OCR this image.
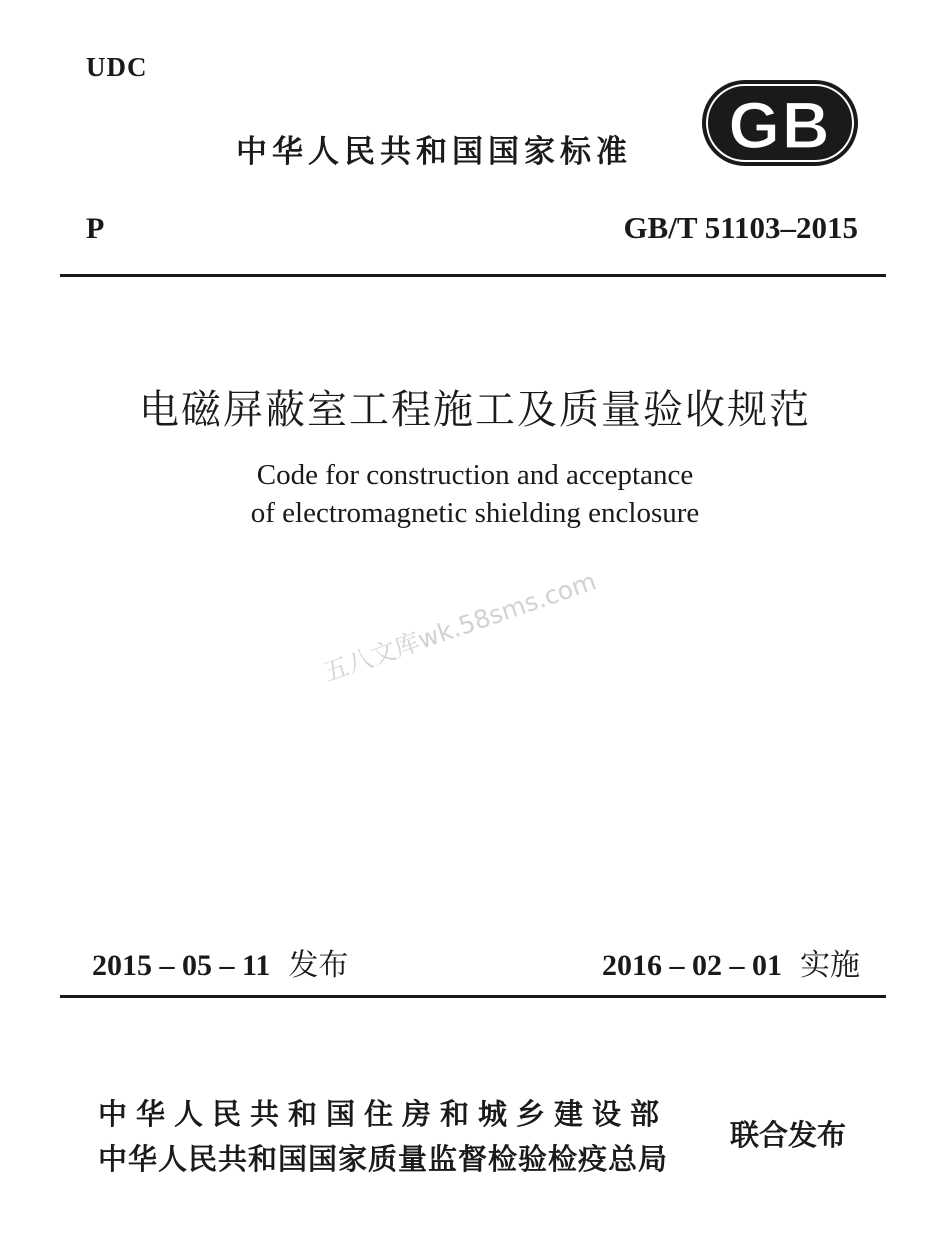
UDC
中华人民共和国国家标准 GB
P	GB/T 51103–2015
电磁屏蔽室工程施工及质量验收规范
Code for construction and acceptance
of electromagnetic shielding enclosure
五八文库wk.58sms.com
2015 – 05 – 11 发布	2016 – 02 – 01 实施
中华人民共和国住房和城乡建设部
中华人民共和国国家质量监督检验检疫总局
联合发布
